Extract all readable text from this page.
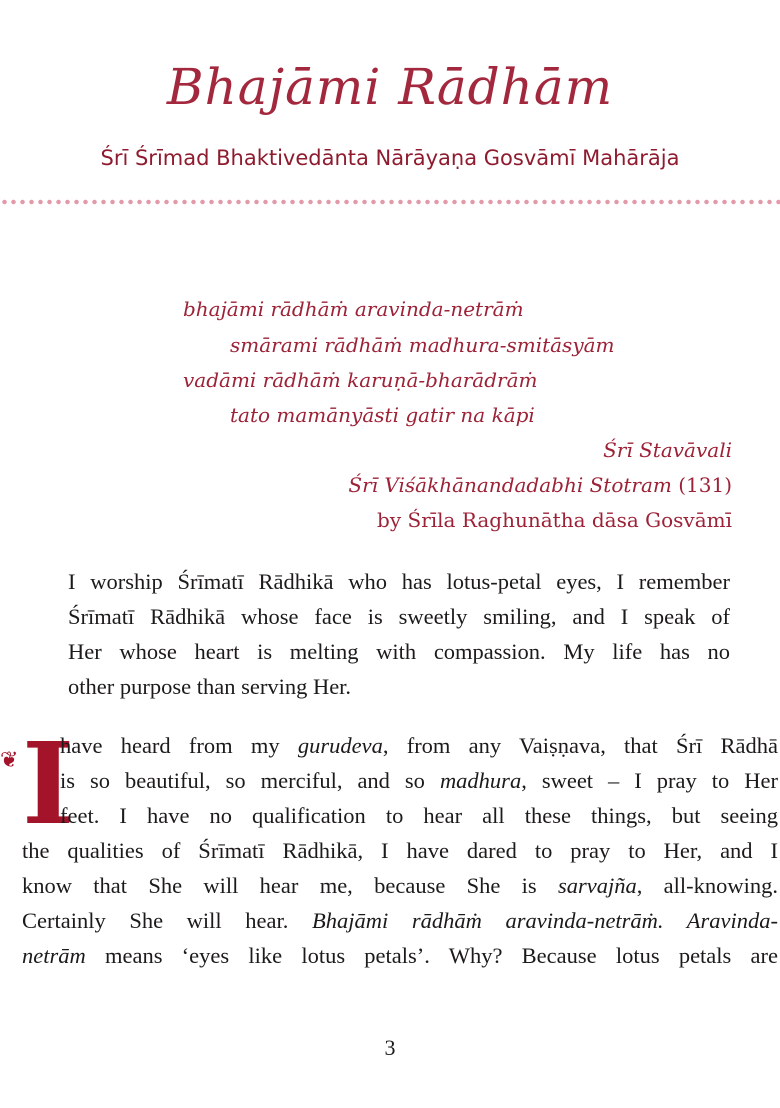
Bhajāmi Rādhām
Śrī Śrīmad Bhaktivedānta Nārāyaṇa Gosvāmī Mahārāja
bhajāmi rādhāṁ aravinda-netrāṁ
smārami rādhāṁ madhura-smitāsyām
vadāmi rādhāṁ karuṇā-bharādrāṁ
tato mamānyāsti gatir na kāpi
Śrī Stavāvali
Śrī Viśākhānandadabhi Stotram (131)
by Śrīla Raghunātha dāsa Gosvāmī
I worship Śrīmatī Rādhikā who has lotus-petal eyes, I remember
Śrīmatī Rādhikā whose face is sweetly smiling, and I speak of
Her whose heart is melting with compassion. My life has no
other purpose than serving Her.
❦ I
have heard from my gurudeva, from any Vaiṣṇava, that Śrī Rādhā
is so beautiful, so merciful, and so madhura, sweet – I pray to Her
feet. I have no qualification to hear all these things, but seeing
the qualities of Śrīmatī Rādhikā, I have dared to pray to Her, and I
know that She will hear me, because She is sarvajña, all-knowing.
Certainly She will hear. Bhajāmi rādhāṁ aravinda-netrāṁ. Aravinda-
netrām means ‘eyes like lotus petals’. Why? Because lotus petals are
3
